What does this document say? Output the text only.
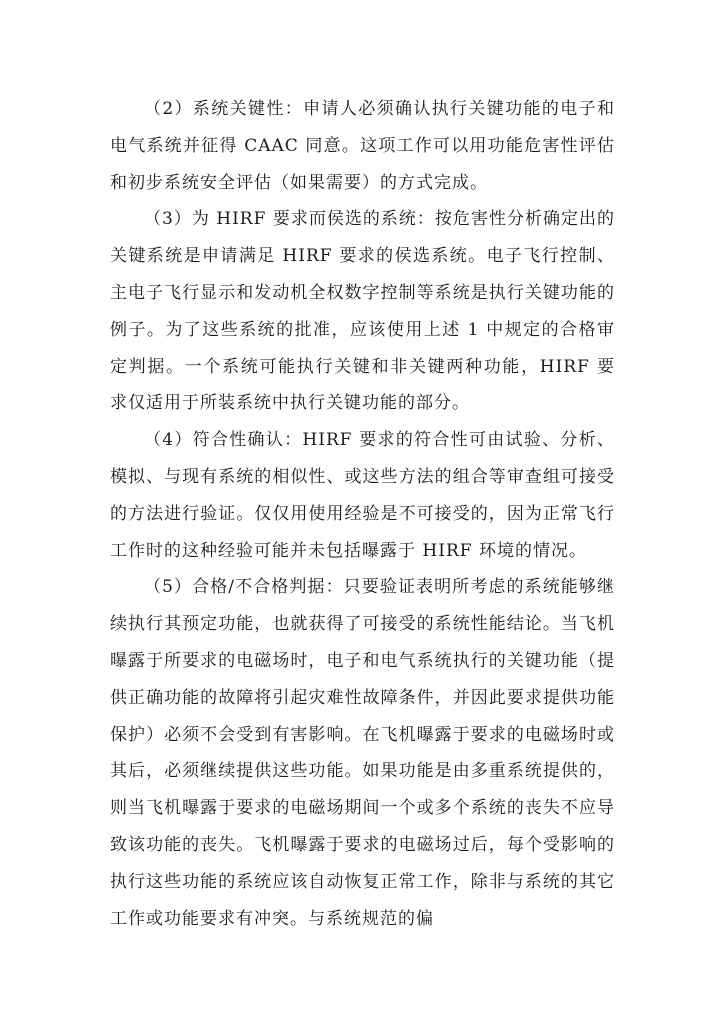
（2）系统关键性：申请人必须确认执行关键功能的电子和电气系统并征得 CAAC 同意。这项工作可以用功能危害性评估和初步系统安全评估（如果需要）的方式完成。

（3）为 HIRF 要求而侯选的系统：按危害性分析确定出的关键系统是申请满足 HIRF 要求的侯选系统。电子飞行控制、主电子飞行显示和发动机全权数字控制等系统是执行关键功能的例子。为了这些系统的批准，应该使用上述 1 中规定的合格审定判据。一个系统可能执行关键和非关键两种功能，HIRF 要求仅适用于所装系统中执行关键功能的部分。

（4）符合性确认：HIRF 要求的符合性可由试验、分析、模拟、与现有系统的相似性、或这些方法的组合等审查组可接受的方法进行验证。仅仅用使用经验是不可接受的，因为正常飞行工作时的这种经验可能并未包括曝露于 HIRF 环境的情况。

（5）合格/不合格判据：只要验证表明所考虑的系统能够继续执行其预定功能，也就获得了可接受的系统性能结论。当飞机曝露于所要求的电磁场时，电子和电气系统执行的关键功能（提供正确功能的故障将引起灾难性故障条件，并因此要求提供功能保护）必须不会受到有害影响。在飞机曝露于要求的电磁场时或其后，必须继续提供这些功能。如果功能是由多重系统提供的，则当飞机曝露于要求的电磁场期间一个或多个系统的丧失不应导致该功能的丧失。飞机曝露于要求的电磁场过后，每个受影响的执行这些功能的系统应该自动恢复正常工作，除非与系统的其它工作或功能要求有冲突。与系统规范的偏
